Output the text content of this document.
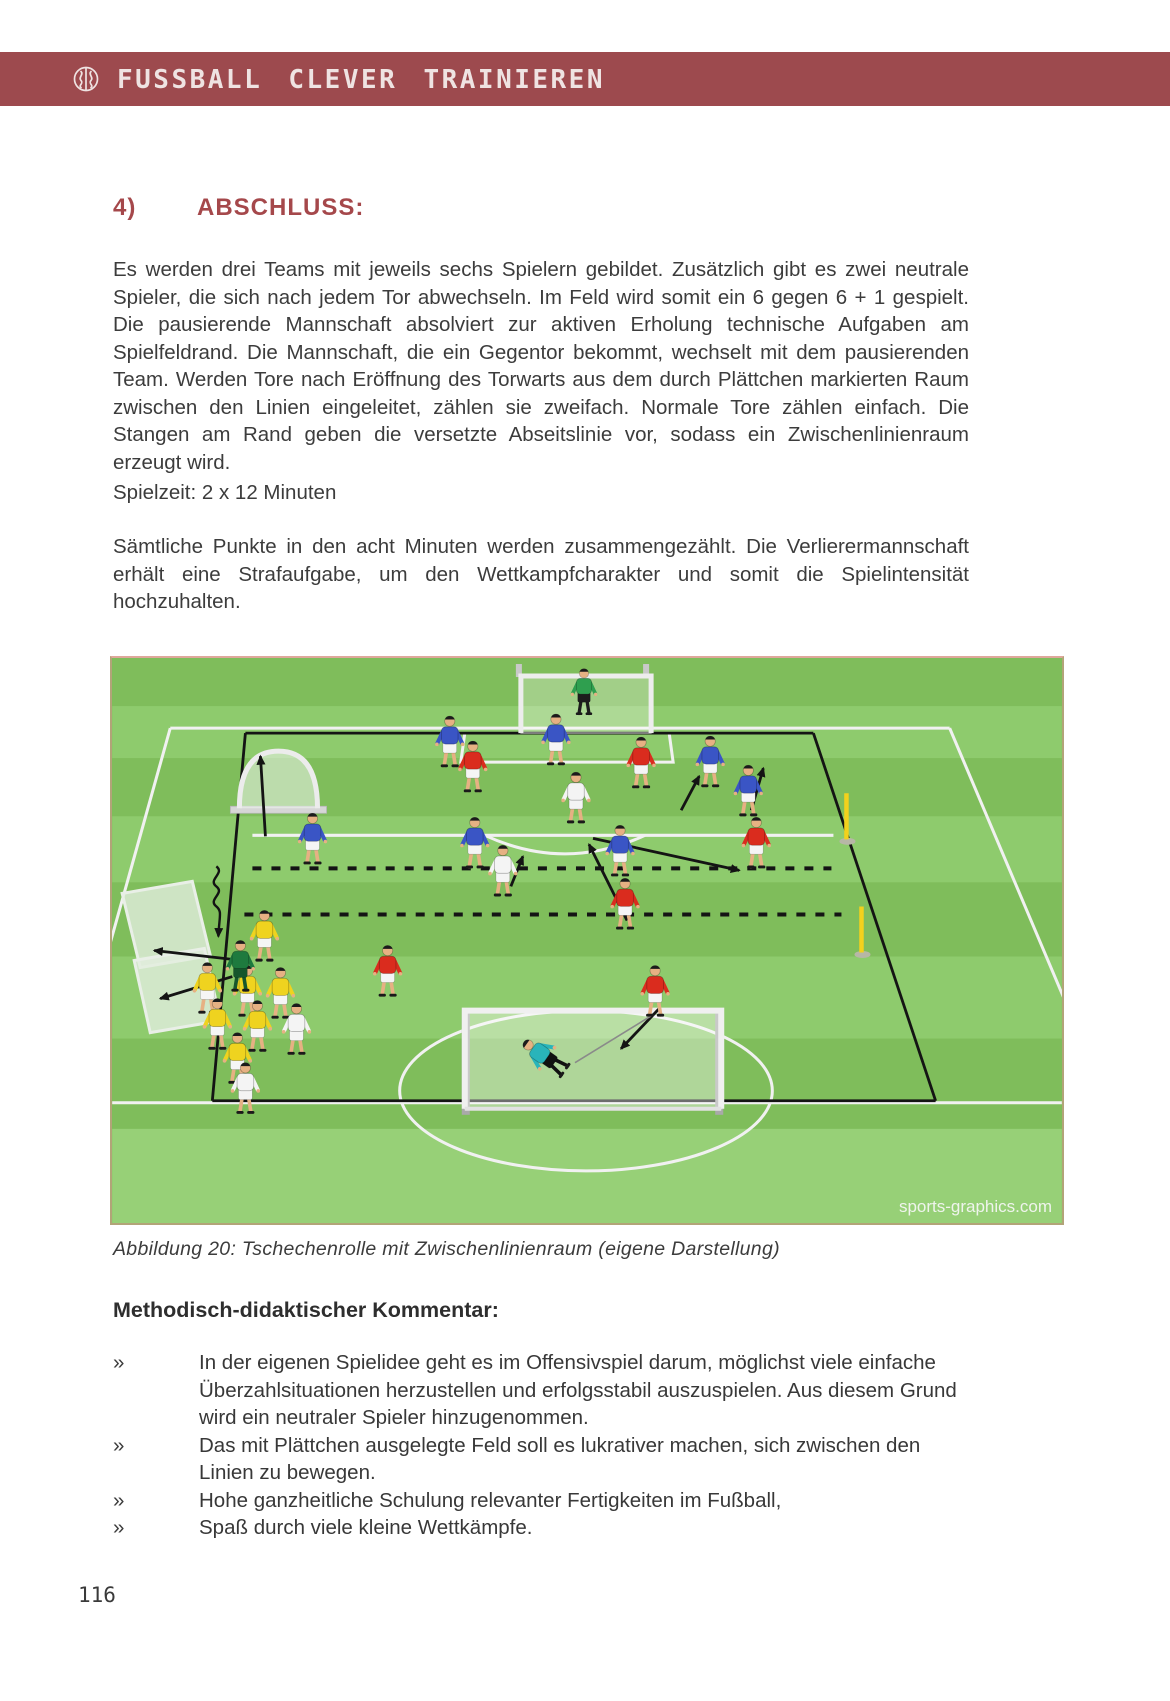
FUSSBALL CLEVER TRAINIEREN
4)	ABSCHLUSS:

Es werden drei Teams mit jeweils sechs Spielern gebildet. Zusätzlich gibt es zwei neutrale Spieler, die sich nach jedem Tor abwechseln. Im Feld wird somit ein 6 gegen 6 + 1 gespielt. Die pausierende Mannschaft absolviert zur aktiven Erholung technische Aufgaben am Spielfeldrand. Die Mannschaft, die ein Gegentor bekommt, wechselt mit dem pausierenden Team. Werden Tore nach Eröffnung des Torwarts aus dem durch Plättchen markierten Raum zwischen den Linien eingeleitet, zählen sie zweifach. Normale Tore zählen einfach. Die Stangen am Rand geben die versetzte Abseitslinie vor, sodass ein Zwischenlinienraum erzeugt wird.

Spielzeit: 2 x 12 Minuten

Sämtliche Punkte in den acht Minuten werden zusammengezählt. Die Verlierermannschaft erhält eine Strafaufgabe, um den Wettkampfcharakter und somit die Spielintensität hochzuhalten.

sports-graphics.com
Abbildung 20: Tschechenrolle mit Zwischenlinienraum (eigene Darstellung)
Methodisch-didaktischer Kommentar:
»	In der eigenen Spielidee geht es im Offensivspiel darum, möglichst viele einfache Überzahlsituationen herzustellen und erfolgsstabil auszuspielen. Aus diesem Grund wird ein neutraler Spieler hinzugenommen.
»	Das mit Plättchen ausgelegte Feld soll es lukrativer machen, sich zwischen den Linien zu bewegen.
»	Hohe ganzheitliche Schulung relevanter Fertigkeiten im Fußball,
»	Spaß durch viele kleine Wettkämpfe.
116
